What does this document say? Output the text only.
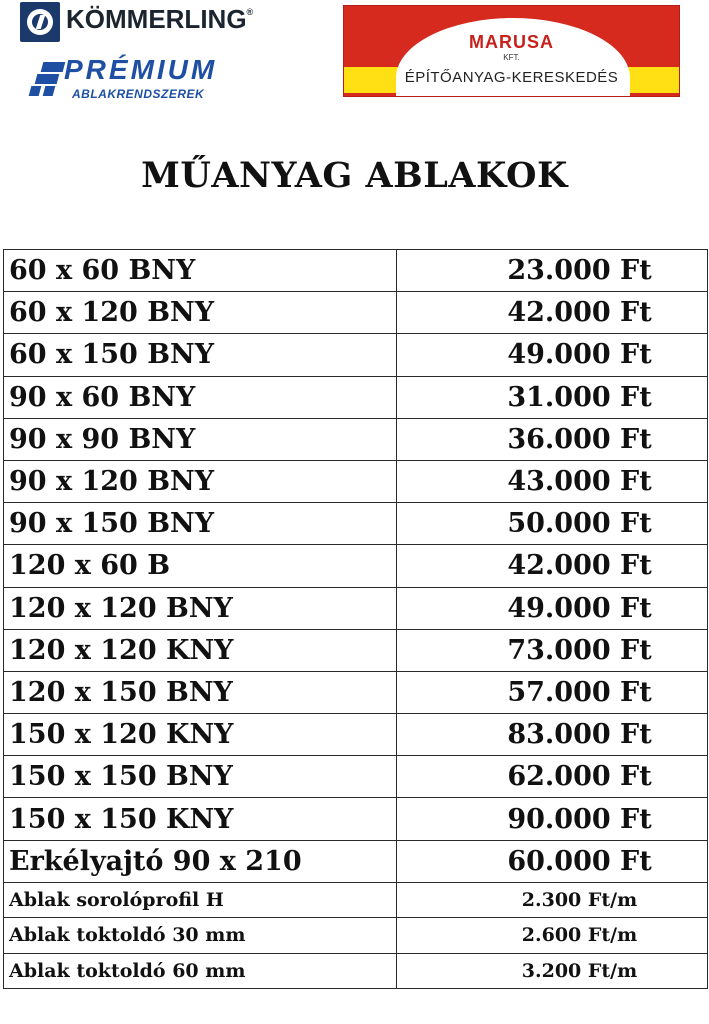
KÖMMERLING®
PRÉMIUM
ABLAKRENDSZEREK
MARUSA
KFT.
ÉPÍTŐANYAG-KERESKEDÉS
MŰANYAG ABLAKOK
60 x 60 BNY	23.000 Ft
60 x 120 BNY	42.000 Ft
60 x 150 BNY	49.000 Ft
90 x 60 BNY	31.000 Ft
90 x 90 BNY	36.000 Ft
90 x 120 BNY	43.000 Ft
90 x 150 BNY	50.000 Ft
120 x 60 B	42.000 Ft
120 x 120 BNY	49.000 Ft
120 x 120 KNY	73.000 Ft
120 x 150 BNY	57.000 Ft
150 x 120 KNY	83.000 Ft
150 x 150 BNY	62.000 Ft
150 x 150 KNY	90.000 Ft
Erkélyajtó 90 x 210	60.000 Ft
Ablak sorolóprofil H	2.300 Ft/m
Ablak toktoldó 30 mm	2.600 Ft/m
Ablak toktoldó 60 mm	3.200 Ft/m
